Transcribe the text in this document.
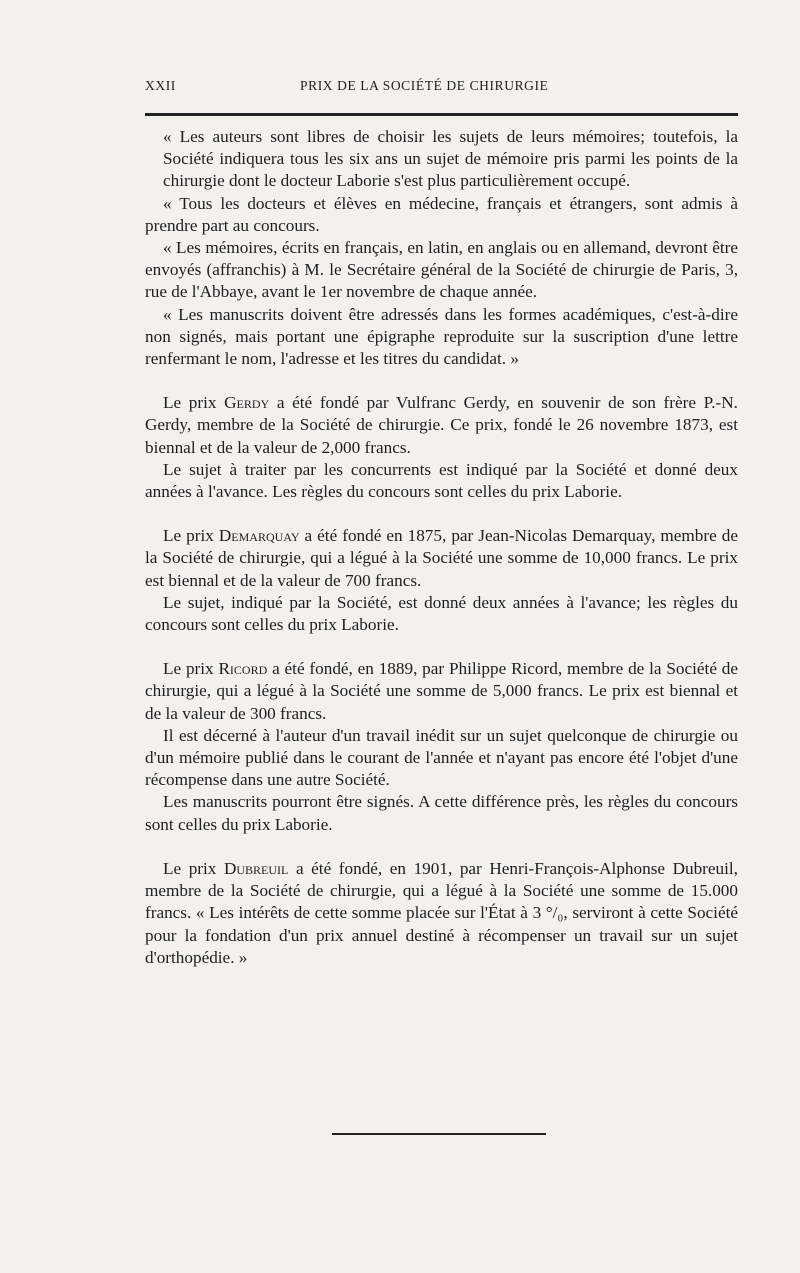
XXII	PRIX DE LA SOCIÉTÉ DE CHIRURGIE

« Les auteurs sont libres de choisir les sujets de leurs mémoires; toutefois, la Société indiquera tous les six ans un sujet de mémoire pris parmi les points de la chirurgie dont le docteur Laborie s'est plus particulièrement occupé.

« Tous les docteurs et élèves en médecine, français et étrangers, sont admis à prendre part au concours.

« Les mémoires, écrits en français, en latin, en anglais ou en allemand, devront être envoyés (affranchis) à M. le Secrétaire général de la Société de chirurgie de Paris, 3, rue de l'Abbaye, avant le 1er novembre de chaque année.

« Les manuscrits doivent être adressés dans les formes académiques, c'est-à-dire non signés, mais portant une épigraphe reproduite sur la suscription d'une lettre renfermant le nom, l'adresse et les titres du candidat. »

Le prix Gerdy a été fondé par Vulfranc Gerdy, en souvenir de son frère P.-N. Gerdy, membre de la Société de chirurgie. Ce prix, fondé le 26 novembre 1873, est biennal et de la valeur de 2,000 francs.

Le sujet à traiter par les concurrents est indiqué par la Société et donné deux années à l'avance. Les règles du concours sont celles du prix Laborie.

Le prix Demarquay a été fondé en 1875, par Jean-Nicolas Demarquay, membre de la Société de chirurgie, qui a légué à la Société une somme de 10,000 francs. Le prix est biennal et de la valeur de 700 francs.

Le sujet, indiqué par la Société, est donné deux années à l'avance; les règles du concours sont celles du prix Laborie.

Le prix Ricord a été fondé, en 1889, par Philippe Ricord, membre de la Société de chirurgie, qui a légué à la Société une somme de 5,000 francs. Le prix est biennal et de la valeur de 300 francs.

Il est décerné à l'auteur d'un travail inédit sur un sujet quelconque de chirurgie ou d'un mémoire publié dans le courant de l'année et n'ayant pas encore été l'objet d'une récompense dans une autre Société.

Les manuscrits pourront être signés. A cette différence près, les règles du concours sont celles du prix Laborie.

Le prix Dubreuil a été fondé, en 1901, par Henri-François-Alphonse Dubreuil, membre de la Société de chirurgie, qui a légué à la Société une somme de 15.000 francs. « Les intérêts de cette somme placée sur l'État à 3 °/₀, serviront à cette Société pour la fondation d'un prix annuel destiné à récompenser un travail sur un sujet d'orthopédie. »
